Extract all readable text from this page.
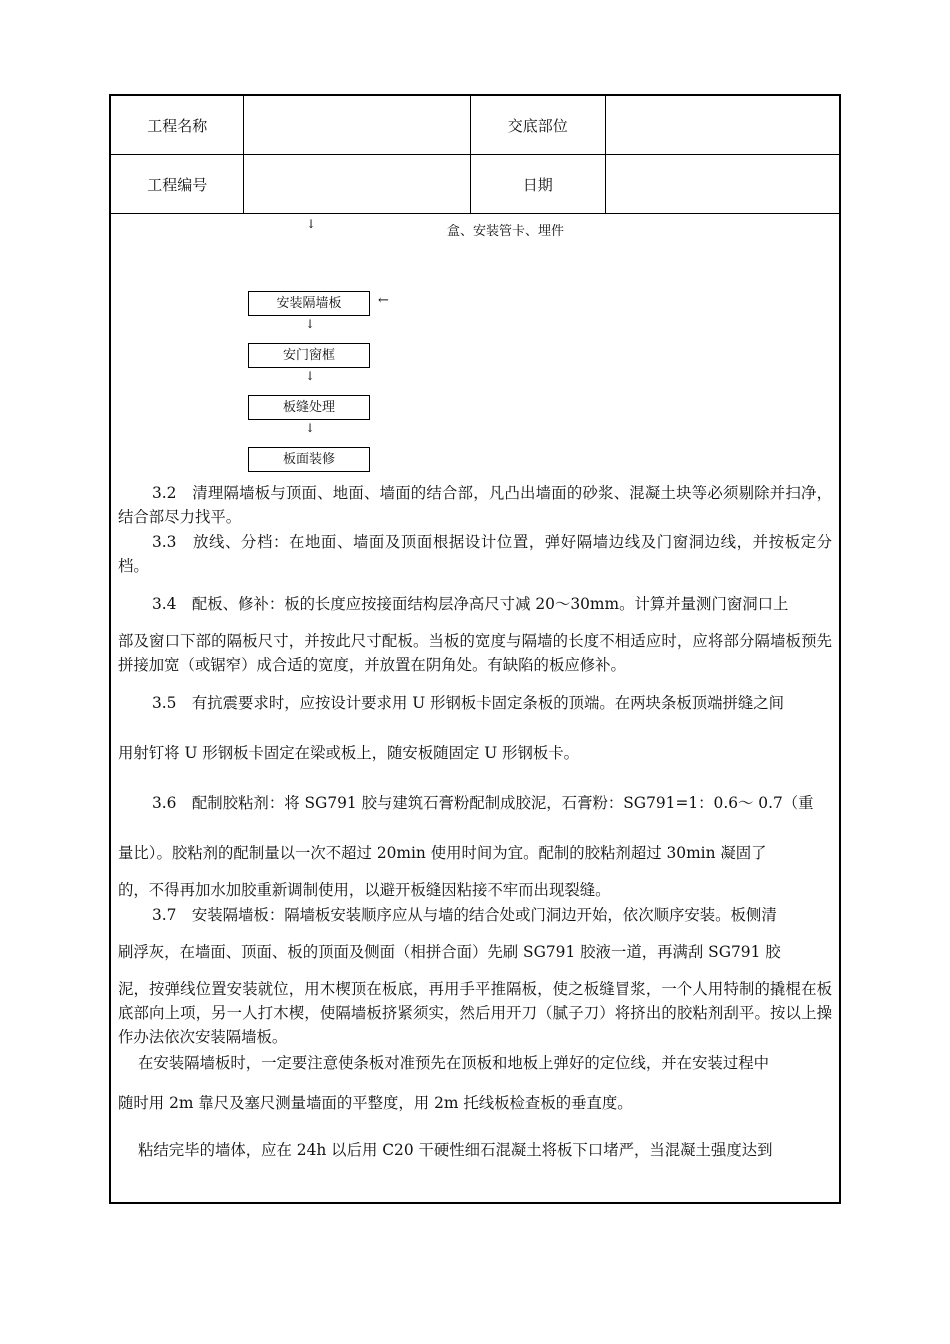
工程名称		交底部位	
工程编号		日期	
↓	盒、安装管卡、埋件
安装隔墙板	←
↓
安门窗框
↓
板缝处理
↓
板面装修
3.2　清理隔墙板与顶面、地面、墙面的结合部，凡凸出墙面的砂浆、混凝土块等必须剔除并扫净，结合部尽力找平。
3.3　放线、分档：在地面、墙面及顶面根据设计位置，弹好隔墙边线及门窗洞边线，并按板定分档。
3.4　配板、修补：板的长度应按接面结构层净高尺寸减 20～30mm。计算并量测门窗洞口上
部及窗口下部的隔板尺寸，并按此尺寸配板。当板的宽度与隔墙的长度不相适应时，应将部分隔墙板预先拼接加宽（或锯窄）成合适的宽度，并放置在阴角处。有缺陷的板应修补。
3.5　有抗震要求时，应按设计要求用 U 形钢板卡固定条板的顶端。在两块条板顶端拼缝之间
用射钉将 U 形钢板卡固定在梁或板上，随安板随固定 U 形钢板卡。
3.6　配制胶粘剂：将 SG791 胶与建筑石膏粉配制成胶泥，石膏粉：SG791=1：0.6～ 0.7（重
量比）。胶粘剂的配制量以一次不超过 20min 使用时间为宜。配制的胶粘剂超过 30min 凝固了
的，不得再加水加胶重新调制使用，以避开板缝因粘接不牢而出现裂缝。
3.7　安装隔墙板：隔墙板安装顺序应从与墙的结合处或门洞边开始，依次顺序安装。板侧清
刷浮灰，在墙面、顶面、板的顶面及侧面（相拼合面）先刷 SG791 胶液一道，再满刮 SG791 胶
泥，按弹线位置安装就位，用木楔顶在板底，再用手平推隔板，使之板缝冒浆，一个人用特制的撬棍在板底部向上项，另一人打木楔，使隔墙板挤紧须实，然后用开刀（腻子刀）将挤出的胶粘剂刮平。按以上操作办法依次安装隔墙板。
在安装隔墙板时，一定要注意使条板对准预先在顶板和地板上弹好的定位线，并在安装过程中
随时用 2m 靠尺及塞尺测量墙面的平整度，用 2m 托线板检查板的垂直度。
粘结完毕的墙体，应在 24h 以后用 C20 干硬性细石混凝土将板下口堵严，当混凝土强度达到
